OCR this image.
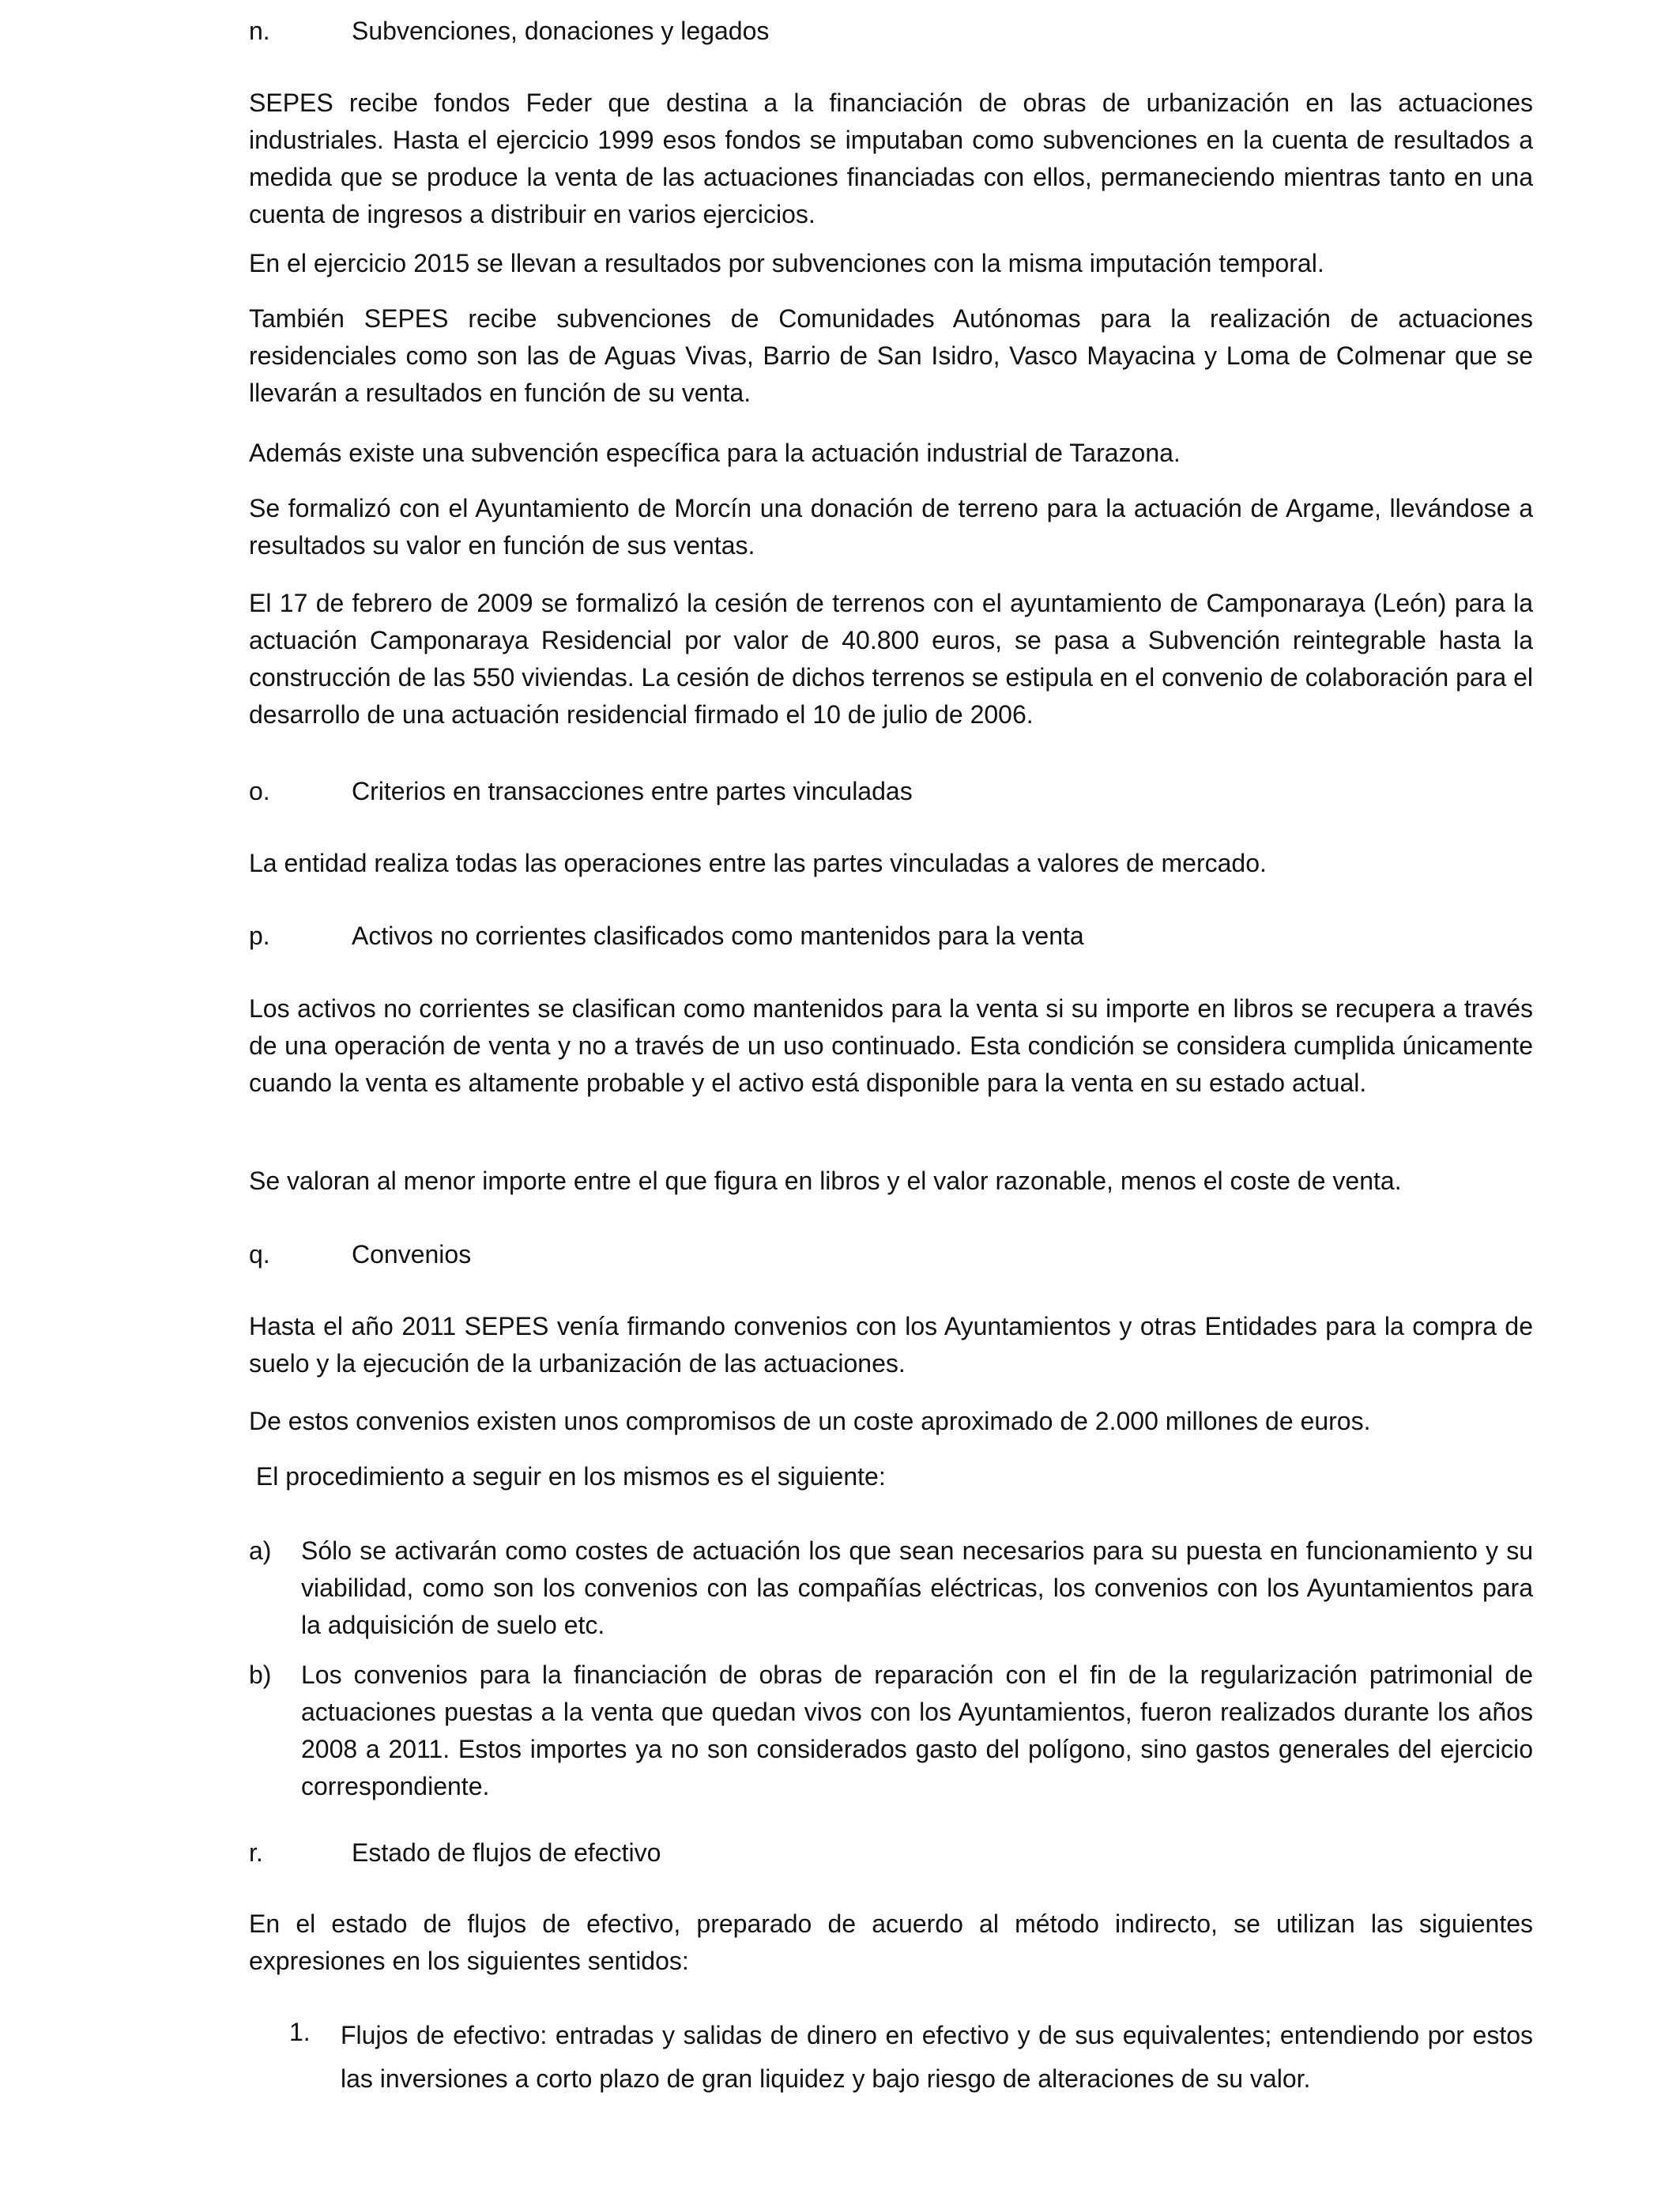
n.	Subvenciones, donaciones y legados

SEPES recibe fondos Feder que destina a la financiación de obras de urbanización en las actuaciones industriales. Hasta el ejercicio 1999 esos fondos se imputaban como subvenciones en la cuenta de resultados a medida que se produce la venta de las actuaciones financiadas con ellos, permaneciendo mientras tanto en una cuenta de ingresos a distribuir en varios ejercicios.

En el ejercicio 2015 se llevan a resultados por subvenciones con la misma imputación temporal.

También SEPES recibe subvenciones de Comunidades Autónomas para la realización de actuaciones residenciales como son las de Aguas Vivas, Barrio de San Isidro, Vasco Mayacina y Loma de Colmenar que se llevarán a resultados en función de su venta.

Además existe una subvención específica para la actuación industrial de Tarazona.

Se formalizó con el Ayuntamiento de Morcín una donación de terreno para la actuación de Argame, llevándose a resultados su valor en función de sus ventas.

El 17 de febrero de 2009 se formalizó la cesión de terrenos con el ayuntamiento de Camponaraya (León) para la actuación Camponaraya Residencial por valor de 40.800 euros, se pasa a Subvención reintegrable hasta la construcción de las 550 viviendas. La cesión de dichos terrenos se estipula en el convenio de colaboración para el desarrollo de una actuación residencial firmado el 10 de julio de 2006.

o.	Criterios en transacciones entre partes vinculadas

La entidad realiza todas las operaciones entre las partes vinculadas a valores de mercado.

p.	Activos no corrientes clasificados como mantenidos para la venta

Los activos no corrientes se clasifican como mantenidos para la venta si su importe en libros se recupera a través de una operación de venta y no a través de un uso continuado. Esta condición se considera cumplida únicamente cuando la venta es altamente probable y el activo está disponible para la venta en su estado actual.

Se valoran al menor importe entre el que figura en libros y el valor razonable, menos el coste de venta.

q.	Convenios

Hasta el año 2011 SEPES venía firmando convenios con los Ayuntamientos y otras Entidades para la compra de suelo y la ejecución de la urbanización de las actuaciones.

De estos convenios existen unos compromisos de un coste aproximado de 2.000 millones de euros.

El procedimiento a seguir en los mismos es el siguiente:

a)	Sólo se activarán como costes de actuación los que sean necesarios para su puesta en funcionamiento y su viabilidad, como son los convenios con las compañías eléctricas, los convenios con los Ayuntamientos para la adquisición de suelo etc.
b)	Los convenios para la financiación de obras de reparación con el fin de la regularización patrimonial de actuaciones puestas a la venta que quedan vivos con los Ayuntamientos, fueron realizados durante los años 2008 a 2011. Estos importes ya no son considerados gasto del polígono, sino gastos generales del ejercicio correspondiente.
r.	Estado de flujos de efectivo

En el estado de flujos de efectivo, preparado de acuerdo al método indirecto, se utilizan las siguientes expresiones en los siguientes sentidos:

1.	Flujos de efectivo: entradas y salidas de dinero en efectivo y de sus equivalentes; entendiendo por estos las inversiones a corto plazo de gran liquidez y bajo riesgo de alteraciones de su valor.
